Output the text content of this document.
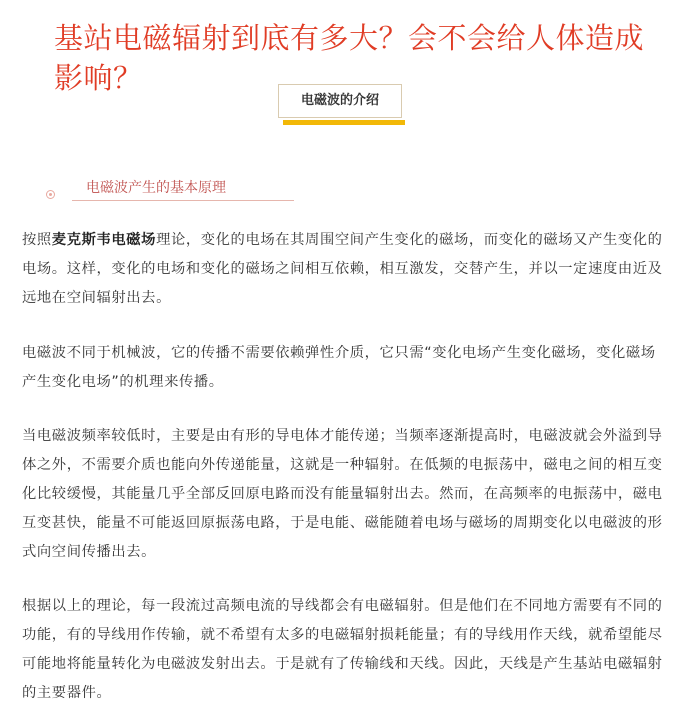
基站电磁辐射到底有多大？会不会给人体造成影响？
电磁波的介绍
电磁波产生的基本原理

按照麦克斯韦电磁场理论，变化的电场在其周围空间产生变化的磁场，而变化的磁场又产生变化的电场。这样，变化的电场和变化的磁场之间相互依赖，相互激发，交替产生，并以一定速度由近及远地在空间辐射出去。

电磁波不同于机械波，它的传播不需要依赖弹性介质，它只需“变化电场产生变化磁场，变化磁场产生变化电场”的机理来传播。

当电磁波频率较低时，主要是由有形的导电体才能传递；当频率逐渐提高时，电磁波就会外溢到导体之外，不需要介质也能向外传递能量，这就是一种辐射。在低频的电振荡中，磁电之间的相互变化比较缓慢，其能量几乎全部反回原电路而没有能量辐射出去。然而，在高频率的电振荡中，磁电互变甚快，能量不可能返回原振荡电路，于是电能、磁能随着电场与磁场的周期变化以电磁波的形式向空间传播出去。

根据以上的理论，每一段流过高频电流的导线都会有电磁辐射。但是他们在不同地方需要有不同的功能，有的导线用作传输，就不希望有太多的电磁辐射损耗能量；有的导线用作天线，就希望能尽可能地将能量转化为电磁波发射出去。于是就有了传输线和天线。因此，天线是产生基站电磁辐射的主要器件。
